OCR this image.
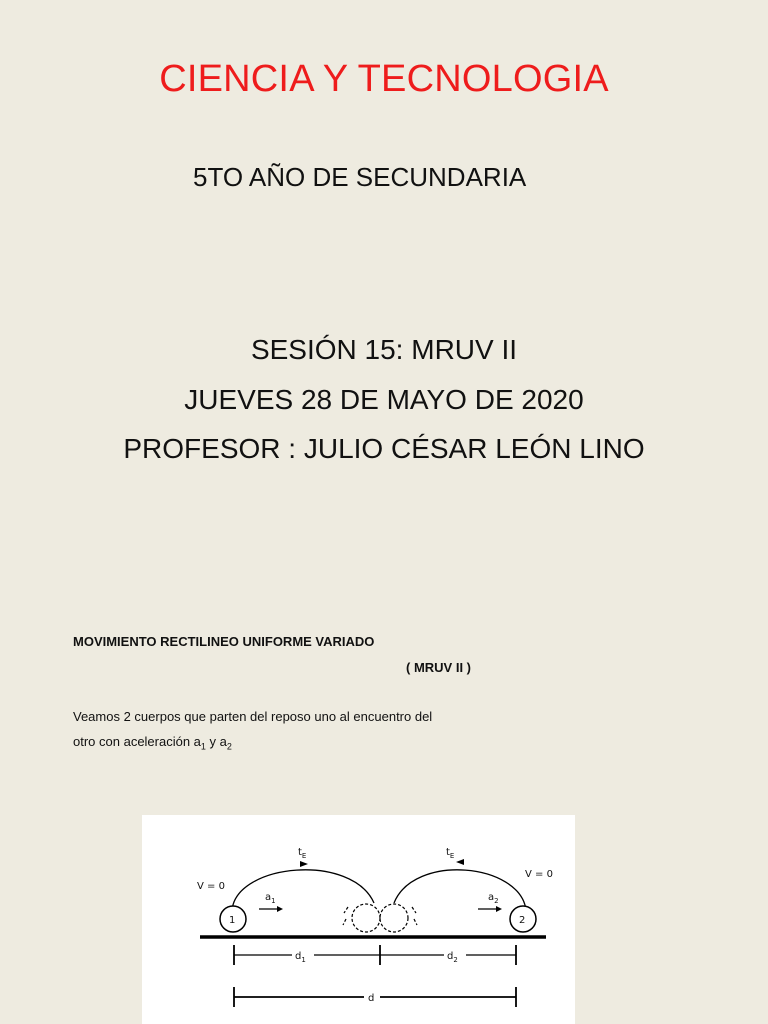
CIENCIA Y TECNOLOGIA
5TO AÑO DE SECUNDARIA
SESIÓN 15: MRUV II
JUEVES 28 DE MAYO DE 2020
PROFESOR : JULIO CÉSAR LEÓN LINO
MOVIMIENTO RECTILINEO UNIFORME VARIADO
( MRUV II )
Veamos 2 cuerpos que parten del reposo uno al encuentro del
otro con aceleración $a_1$ y $a_2$
$t_E$	$t_E$
V = 0
V = 0
1	2
$a_1$	$a_2$
$d_1$	$d_2$
d
